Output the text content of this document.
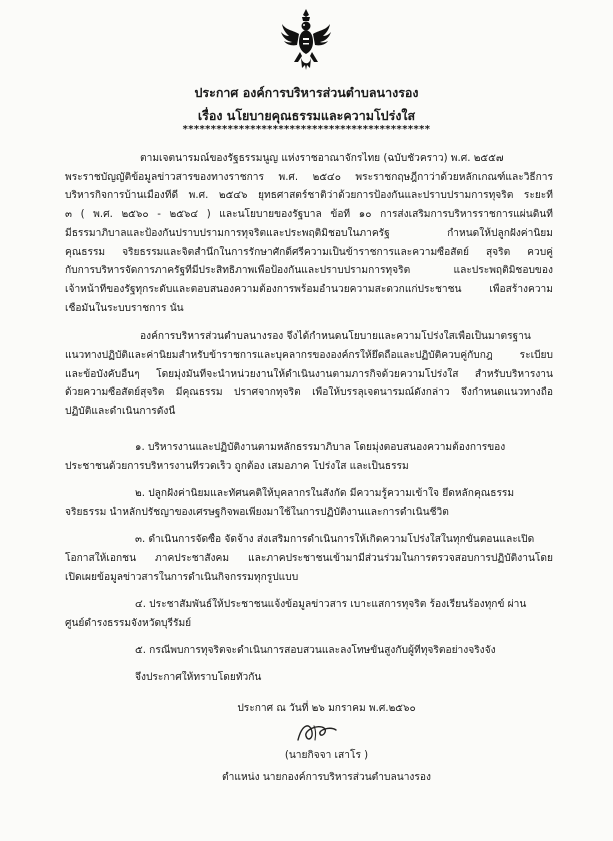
ประกาศ องค์การบริหารส่วนตำบลนางรอง
เรื่อง นโยบายคุณธรรมและความโปร่งใส
********************************************
ตามเจตนารมณ์ของรัฐธรรมนูญ แห่งราชอาณาจักรไทย (ฉบับชั่วคราว) พ.ศ. ๒๕๕๗
พระราชบัญญัติข้อมูลข่าวสารของทางราชการ พ.ศ. ๒๕๔๐ พระราชกฤษฎีกาว่าด้วยหลักเกณฑ์และวิธีการ
บริหารกิจการบ้านเมืองที่ดี พ.ศ. ๒๕๔๖ ยุทธศาสตร์ชาติว่าด้วยการป้องกันและปราบปรามการทุจริต ระยะที่
๓ ( พ.ศ. ๒๕๖๐ - ๒๕๖๔ ) และนโยบายของรัฐบาล ข้อที่ ๑๐ การส่งเสริมการบริหารราชการแผ่นดินที่
มีธรรมาภิบาลและป้องกันปราบปรามการทุจริตและประพฤติมิชอบในภาครัฐ กำหนดให้ปลูกฝังค่านิยม
คุณธรรม จริยธรรมและจิตสำนึกในการรักษาศักดิ์ศรีความเป็นข้าราชการและความซื่อสัตย์ สุจริต ควบคู่
กับการบริหารจัดการภาครัฐที่มีประสิทธิภาพเพื่อป้องกันและปราบปรามการทุจริต และประพฤติมิชอบของ
เจ้าหน้าที่ของรัฐทุกระดับและตอบสนองความต้องการพร้อมอำนวยความสะดวกแก่ประชาชน เพื่อสร้างความ
เชื่อมั่นในระบบราชการ นั้น
องค์การบริหารส่วนตำบลนางรอง จึงได้กำหนดนโยบายและความโปร่งใสเพื่อเป็นมาตรฐาน
แนวทางปฏิบัติและค่านิยมสำหรับข้าราชการและบุคลากรขององค์กรให้ยึดถือและปฏิบัติควบคู่กับกฎ ระเบียบ
และข้อบังคับอื่นๆ โดยมุ่งมั่นที่จะนำหน่วยงานให้ดำเนินงานตามภารกิจด้วยความโปร่งใส สำหรับบริหารงาน
ด้วยความซื่อสัตย์สุจริต มีคุณธรรม ปราศจากทุจริต เพื่อให้บรรลุเจตนารมณ์ดังกล่าว จึงกำหนดแนวทางถือ
ปฏิบัติและดำเนินการดังนี้
๑. บริหารงานและปฏิบัติงานตามหลักธรรมาภิบาล โดยมุ่งตอบสนองความต้องการของ
ประชาชนด้วยการบริหารงานที่รวดเร็ว ถูกต้อง เสมอภาค โปร่งใส และเป็นธรรม
๒. ปลูกฝังค่านิยมและทัศนคติให้บุคลากรในสังกัด มีความรู้ความเข้าใจ ยึดหลักคุณธรรม
จริยธรรม นำหลักปรัชญาของเศรษฐกิจพอเพียงมาใช้ในการปฏิบัติงานและการดำเนินชีวิต
๓. ดำเนินการจัดซื้อ จัดจ้าง ส่งเสริมการดำเนินการให้เกิดความโปร่งใสในทุกขั้นตอนและเปิด
โอกาสให้เอกชน ภาคประชาสังคม และภาคประชาชนเข้ามามีส่วนร่วมในการตรวจสอบการปฏิบัติงานโดย
เปิดเผยข้อมูลข่าวสารในการดำเนินกิจกรรมทุกรูปแบบ
๔. ประชาสัมพันธ์ให้ประชาชนแจ้งข้อมูลข่าวสาร เบาะแสการทุจริต ร้องเรียนร้องทุกข์ ผ่าน
ศูนย์ดำรงธรรมจังหวัดบุรีรัมย์
๕. กรณีพบการทุจริตจะดำเนินการสอบสวนและลงโทษขั้นสูงกับผู้ที่ทุจริตอย่างจริงจัง
จึงประกาศให้ทราบโดยทั่วกัน
ประกาศ ณ วันที่ ๒๖ มกราคม พ.ศ.๒๕๖๐
(นายกิจจา เสาโร )
ตำแหน่ง นายกองค์การบริหารส่วนตำบลนางรอง
